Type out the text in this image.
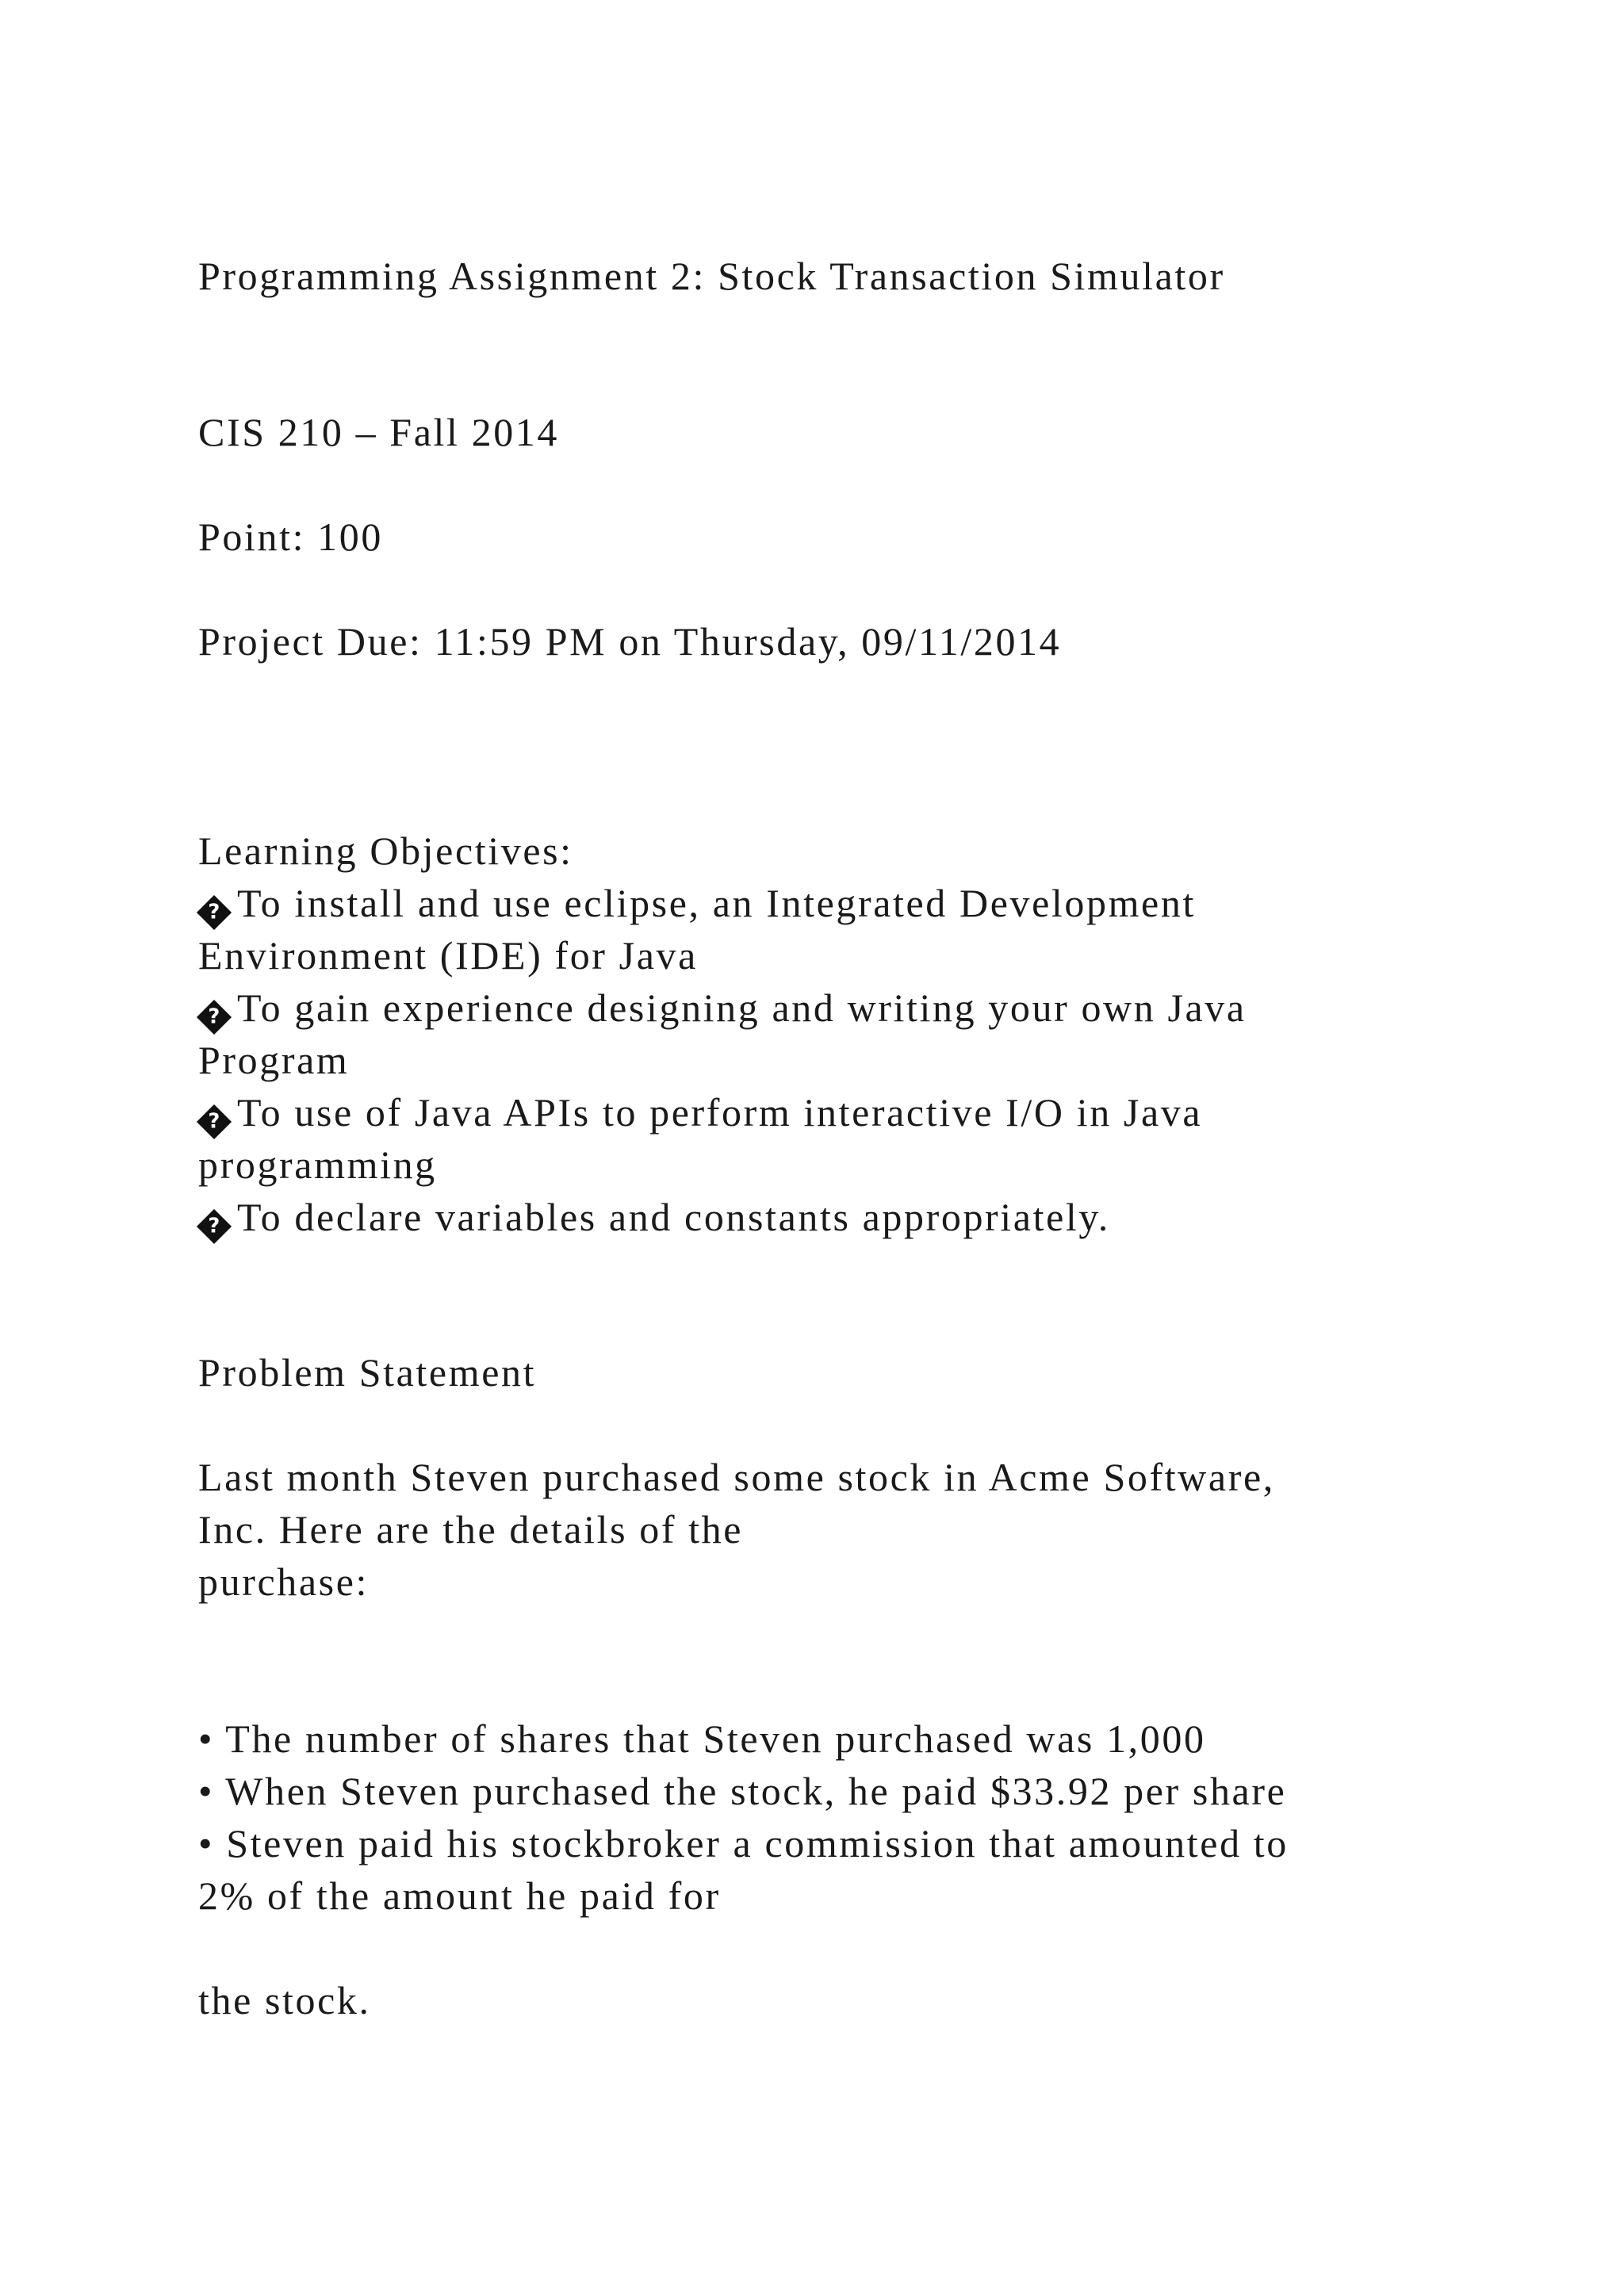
Programming Assignment 2: Stock Transaction Simulator
CIS 210 – Fall 2014
Point: 100
Project Due: 11:59 PM on Thursday, 09/11/2014
Learning Objectives:
? To install and use eclipse, an Integrated Development
Environment (IDE) for Java
? To gain experience designing and writing your own Java
Program
? To use of Java APIs to perform interactive I/O in Java
programming
? To declare variables and constants appropriately.
Problem Statement
Last month Steven purchased some stock in Acme Software,
Inc. Here are the details of the
purchase:
• The number of shares that Steven purchased was 1,000
• When Steven purchased the stock, he paid $33.92 per share
• Steven paid his stockbroker a commission that amounted to
2% of the amount he paid for
the stock.
